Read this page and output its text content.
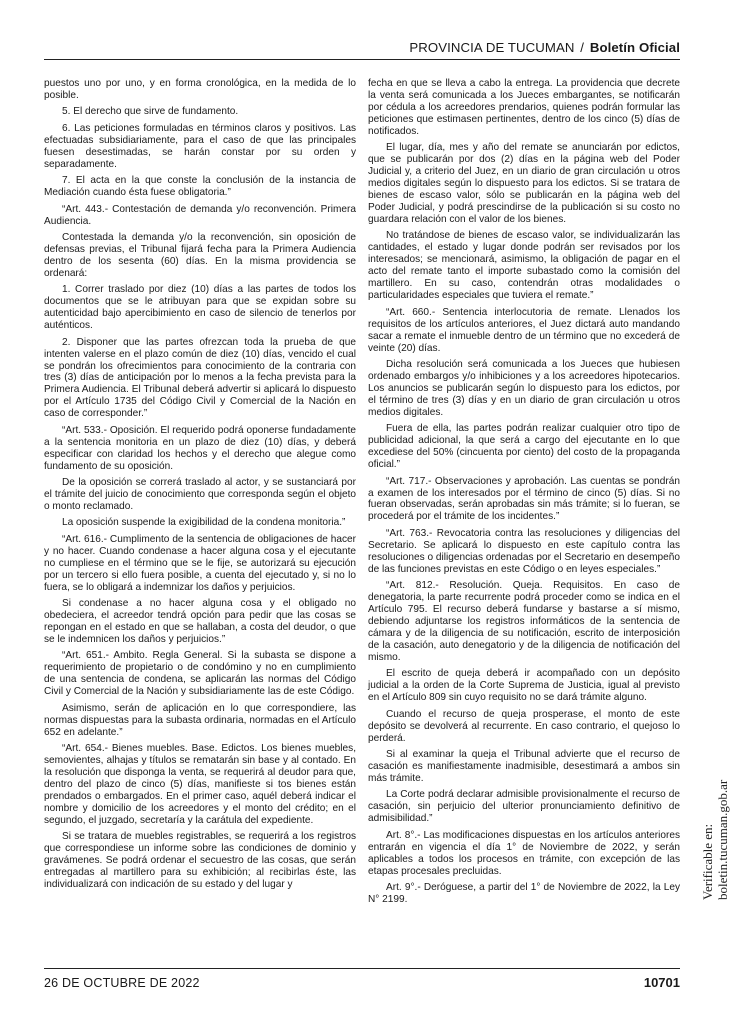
PROVINCIA DE TUCUMAN / Boletín Oficial

puestos uno por uno, y en forma cronológica, en la medida de lo posible.

5. El derecho que sirve de fundamento.

6. Las peticiones formuladas en términos claros y positivos. Las efectuadas subsidiariamente, para el caso de que las principales fuesen desestimadas, se harán constar por su orden y separadamente.

7. El acta en la que conste la conclusión de la instancia de Mediación cuando ésta fuese obligatoria.”

“Art. 443.- Contestación de demanda y/o reconvención. Primera Audiencia.

Contestada la demanda y/o la reconvención, sin oposición de defensas previas, el Tribunal fijará fecha para la Primera Audiencia dentro de los sesenta (60) días. En la misma providencia se ordenará:

1. Correr traslado por diez (10) días a las partes de todos los documentos que se le atribuyan para que se expidan sobre su autenticidad bajo apercibimiento en caso de silencio de tenerlos por auténticos.

2. Disponer que las partes ofrezcan toda la prueba de que intenten valerse en el plazo común de diez (10) días, vencido el cual se pondrán los ofrecimientos para conocimiento de la contraria con tres (3) días de anticipación por lo menos a la fecha prevista para la Primera Audiencia. El Tribunal deberá advertir si aplicará lo dispuesto por el Artículo 1735 del Código Civil y Comercial de la Nación en caso de corresponder.”

“Art. 533.- Oposición. El requerido podrá oponerse fundadamente a la sentencia monitoria en un plazo de diez (10) días, y deberá especificar con claridad los hechos y el derecho que alegue como fundamento de su oposición.

De la oposición se correrá traslado al actor, y se sustanciará por el trámite del juicio de conocimiento que corresponda según el objeto o monto reclamado.

La oposición suspende la exigibilidad de la condena monitoria.”

“Art. 616.- Cumplimento de la sentencia de obligaciones de hacer y no hacer. Cuando condenase a hacer alguna cosa y el ejecutante no cumpliese en el término que se le fije, se autorizará su ejecución por un tercero si ello fuera posible, a cuenta del ejecutado y, si no lo fuera, se lo obligará a indemnizar los daños y perjuicios.

Si condenase a no hacer alguna cosa y el obligado no obedeciera, el acreedor tendrá opción para pedir que las cosas se repongan en el estado en que se hallaban, a costa del deudor, o que se le indemnicen los daños y perjuicios.”

“Art. 651.- Ambito. Regla General. Si la subasta se dispone a requerimiento de propietario o de condómino y no en cumplimiento de una sentencia de condena, se aplicarán las normas del Código Civil y Comercial de la Nación y subsidiariamente las de este Código.

Asimismo, serán de aplicación en lo que correspondiere, las normas dispuestas para la subasta ordinaria, normadas en el Artículo 652 en adelante.”

“Art. 654.- Bienes muebles. Base. Edictos. Los bienes muebles, semovientes, alhajas y títulos se rematarán sin base y al contado. En la resolución que disponga la venta, se requerirá al deudor para que, dentro del plazo de cinco (5) días, manifieste si tos bienes están prendados o embargados. En el primer caso, aquél deberá indicar el nombre y domicilio de los acreedores y el monto del crédito; en el segundo, el juzgado, secretaría y la carátula del expediente.

Si se tratara de muebles registrables, se requerirá a los registros que correspondiese un informe sobre las condiciones de dominio y gravámenes. Se podrá ordenar el secuestro de las cosas, que serán entregadas al martillero para su exhibición; al recibirlas éste, las individualizará con indicación de su estado y del lugar y

fecha en que se lleva a cabo la entrega. La providencia que decrete la venta será comunicada a los Jueces embargantes, se notificarán por cédula a los acreedores prendarios, quienes podrán formular las peticiones que estimasen pertinentes, dentro de los cinco (5) días de notificados.

El lugar, día, mes y año del remate se anunciarán por edictos, que se publicarán por dos (2) días en la página web del Poder Judicial y, a criterio del Juez, en un diario de gran circulación u otros medios digitales según lo dispuesto para los edictos. Si se tratara de bienes de escaso valor, sólo se publicarán en la página web del Poder Judicial, y podrá prescindirse de la publicación si su costo no guardara relación con el valor de los bienes.

No tratándose de bienes de escaso valor, se individualizarán las cantidades, el estado y lugar donde podrán ser revisados por los interesados; se mencionará, asimismo, la obligación de pagar en el acto del remate tanto el importe subastado como la comisión del martillero. En su caso, contendrán otras modalidades o particularidades especiales que tuviera el remate.”

“Art. 660.- Sentencia interlocutoria de remate. Llenados los requisitos de los artículos anteriores, el Juez dictará auto mandando sacar a remate el inmueble dentro de un término que no excederá de veinte (20) días.

Dicha resolución será comunicada a los Jueces que hubiesen ordenado embargos y/o inhibiciones y a los acreedores hipotecarios. Los anuncios se publicarán según lo dispuesto para los edictos, por el término de tres (3) días y en un diario de gran circulación u otros medios digitales.

Fuera de ella, las partes podrán realizar cualquier otro tipo de publicidad adicional, la que será a cargo del ejecutante en lo que excediese del 50% (cincuenta por ciento) del costo de la propaganda oficial.”

“Art. 717.- Observaciones y aprobación. Las cuentas se pondrán a examen de los interesados por el término de cinco (5) días. Si no fueran observadas, serán aprobadas sin más trámite; si lo fueran, se procederá por el trámite de los incidentes.”

“Art. 763.- Revocatoria contra las resoluciones y diligencias del Secretario. Se aplicará lo dispuesto en este capítulo contra las resoluciones o diligencias ordenadas por el Secretario en desempeño de las funciones previstas en este Código o en leyes especiales.”

“Art. 812.- Resolución. Queja. Requisitos. En caso de denegatoria, la parte recurrente podrá proceder como se indica en el Artículo 795. El recurso deberá fundarse y bastarse a sí mismo, debiendo adjuntarse los registros informáticos de la sentencia de cámara y de la diligencia de su notificación, escrito de interposición de la casación, auto denegatorio y de la diligencia de notificación del mismo.

El escrito de queja deberá ir acompañado con un depósito judicial a la orden de la Corte Suprema de Justicia, igual al previsto en el Artículo 809 sin cuyo requisito no se dará trámite alguno.

Cuando el recurso de queja prosperase, el monto de este depósito se devolverá al recurrente. En caso contrario, el quejoso lo perderá.

Si al examinar la queja el Tribunal advierte que el recurso de casación es manifiestamente inadmisible, desestimará a ambos sin más trámite.

La Corte podrá declarar admisible provisionalmente el recurso de casación, sin perjuicio del ulterior pronunciamiento definitivo de admisibilidad.”

Art. 8°.- Las modificaciones dispuestas en los artículos anteriores entrarán en vigencia el día 1° de Noviembre de 2022, y serán aplicables a todos los procesos en trámite, con excepción de las etapas procesales precluidas.

Art. 9°.- Deróguese, a partir del 1° de Noviembre de 2022, la Ley N° 2199.

26 DE OCTUBRE DE 2022	10701
Verificable en: boletin.tucuman.gob.ar
